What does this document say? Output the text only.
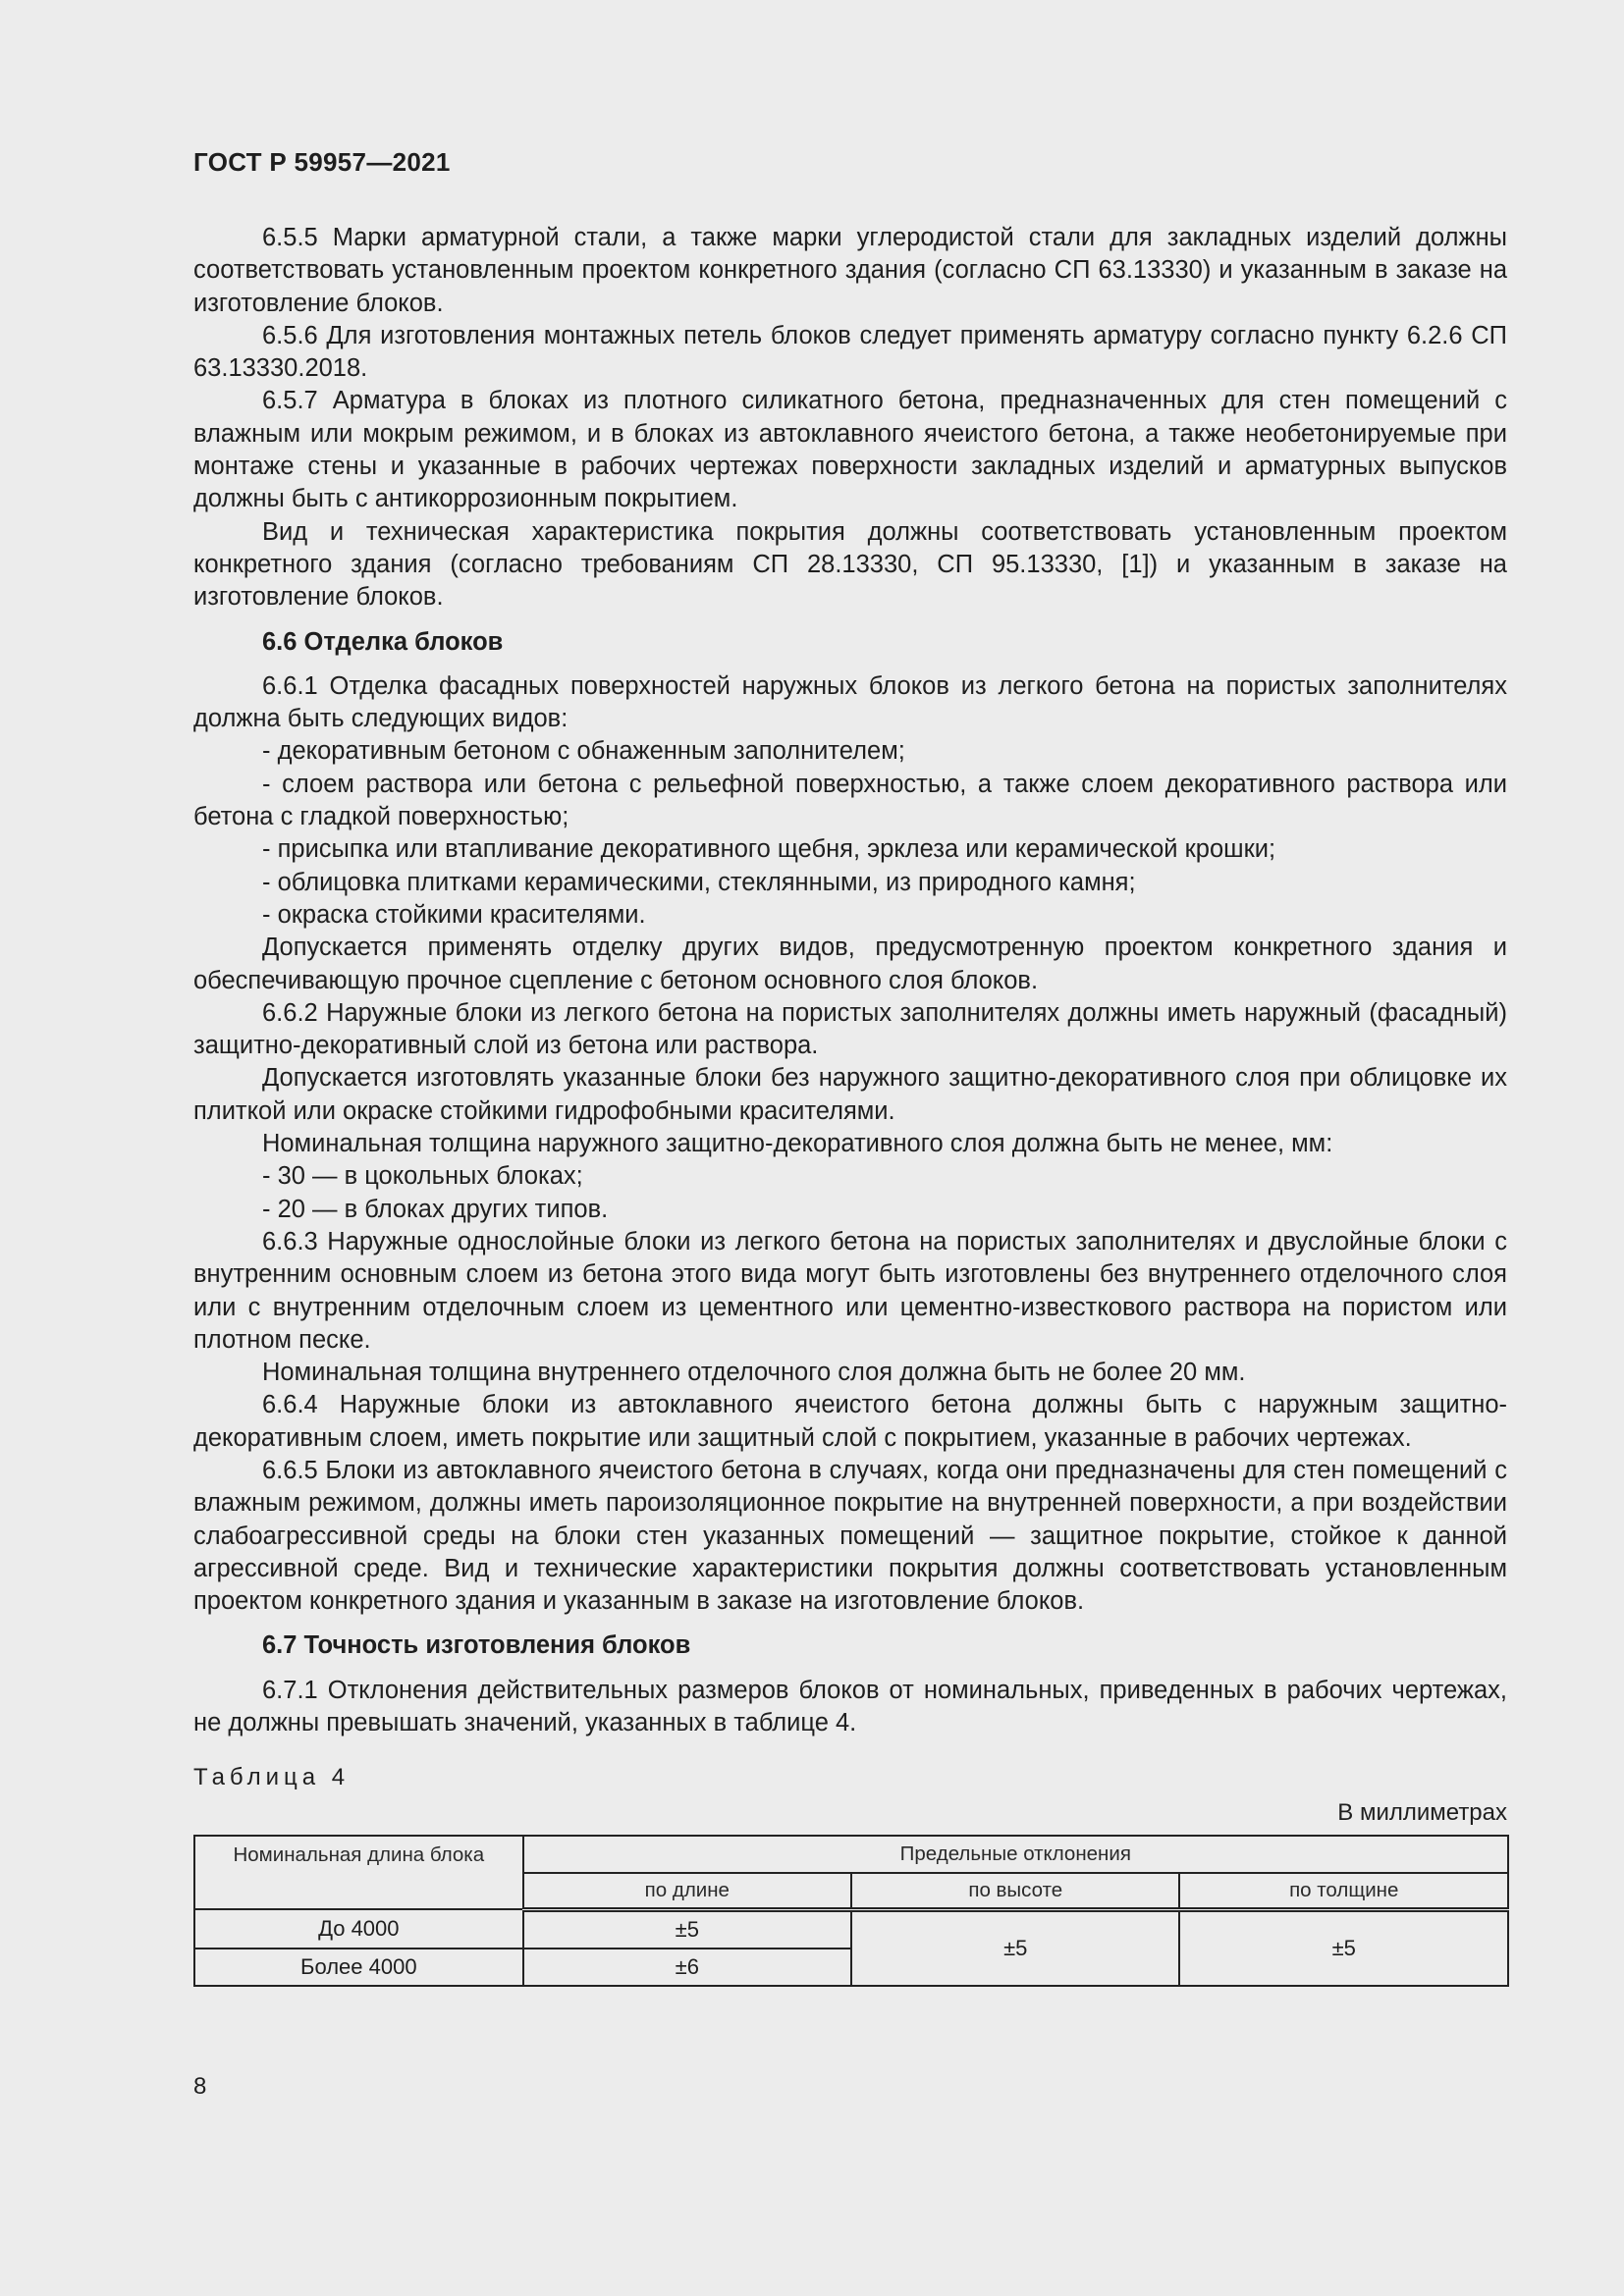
ГОСТ Р 59957—2021

6.5.5 Марки арматурной стали, а также марки углеродистой стали для закладных изделий должны соответствовать установленным проектом конкретного здания (согласно СП 63.13330) и указанным в заказе на изготовление блоков.

6.5.6 Для изготовления монтажных петель блоков следует применять арматуру согласно пункту 6.2.6 СП 63.13330.2018.

6.5.7 Арматура в блоках из плотного силикатного бетона, предназначенных для стен помещений с влажным или мокрым режимом, и в блоках из автоклавного ячеистого бетона, а также необетонируемые при монтаже стены и указанные в рабочих чертежах поверхности закладных изделий и арматурных выпусков должны быть с антикоррозионным покрытием.

Вид и техническая характеристика покрытия должны соответствовать установленным проектом конкретного здания (согласно требованиям СП 28.13330, СП 95.13330, [1]) и указанным в заказе на изготовление блоков.

6.6 Отделка блоков

6.6.1 Отделка фасадных поверхностей наружных блоков из легкого бетона на пористых заполнителях должна быть следующих видов:

- декоративным бетоном с обнаженным заполнителем;

- слоем раствора или бетона с рельефной поверхностью, а также слоем декоративного раствора или бетона с гладкой поверхностью;

- присыпка или втапливание декоративного щебня, эрклеза или керамической крошки;

- облицовка плитками керамическими, стеклянными, из природного камня;

- окраска стойкими красителями.

Допускается применять отделку других видов, предусмотренную проектом конкретного здания и обеспечивающую прочное сцепление с бетоном основного слоя блоков.

6.6.2 Наружные блоки из легкого бетона на пористых заполнителях должны иметь наружный (фасадный) защитно-декоративный слой из бетона или раствора.

Допускается изготовлять указанные блоки без наружного защитно-декоративного слоя при облицовке их плиткой или окраске стойкими гидрофобными красителями.

Номинальная толщина наружного защитно-декоративного слоя должна быть не менее, мм:

- 30 — в цокольных блоках;

- 20 — в блоках других типов.

6.6.3 Наружные однослойные блоки из легкого бетона на пористых заполнителях и двуслойные блоки с внутренним основным слоем из бетона этого вида могут быть изготовлены без внутреннего отделочного слоя или с внутренним отделочным слоем из цементного или цементно-известкового раствора на пористом или плотном песке.

Номинальная толщина внутреннего отделочного слоя должна быть не более 20 мм.

6.6.4 Наружные блоки из автоклавного ячеистого бетона должны быть с наружным защитно-декоративным слоем, иметь покрытие или защитный слой с покрытием, указанные в рабочих чертежах.

6.6.5 Блоки из автоклавного ячеистого бетона в случаях, когда они предназначены для стен помещений с влажным режимом, должны иметь пароизоляционное покрытие на внутренней поверхности, а при воздействии слабоагрессивной среды на блоки стен указанных помещений — защитное покрытие, стойкое к данной агрессивной среде. Вид и технические характеристики покрытия должны соответствовать установленным проектом конкретного здания и указанным в заказе на изготовление блоков.

6.7 Точность изготовления блоков

6.7.1 Отклонения действительных размеров блоков от номинальных, приведенных в рабочих чертежах, не должны превышать значений, указанных в таблице 4.

Таблица 4

В миллиметрах

Номинальная длина блока	Предельные отклонения		
	по длине	по высоте	по толщине
До 4000	±5	±5	±5
Более 4000	±6		
8
